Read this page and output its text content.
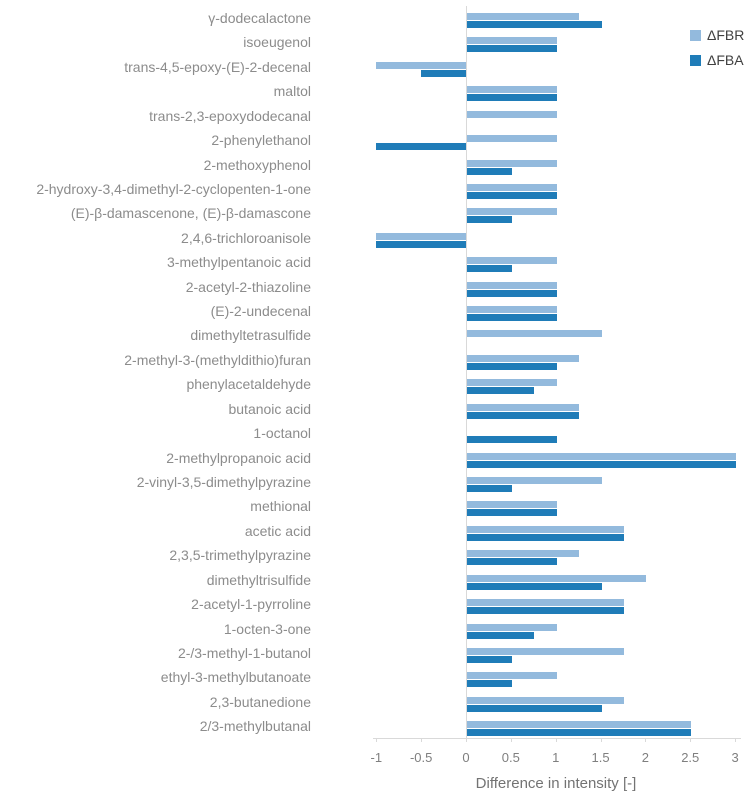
γ-dodecalactone
isoeugenol
trans-4,5-epoxy-(E)-2-decenal
maltol
trans-2,3-epoxydodecanal
2-phenylethanol
2-methoxyphenol
2-hydroxy-3,4-dimethyl-2-cyclopenten-1-one
(E)-β-damascenone, (E)-β-damascone
2,4,6-trichloroanisole
3-methylpentanoic acid
2-acetyl-2-thiazoline
(E)-2-undecenal
dimethyltetrasulfide
2-methyl-3-(methyldithio)furan
phenylacetaldehyde
butanoic acid
1-octanol
2-methylpropanoic acid
2-vinyl-3,5-dimethylpyrazine
methional
acetic acid
2,3,5-trimethylpyrazine
dimethyltrisulfide
2-acetyl-1-pyrroline
1-octen-3-one
2-/3-methyl-1-butanol
ethyl-3-methylbutanoate
2,3-butanedione
2/3-methylbutanal
-1	-0.5	0	0.5	1	1.5	2	2.5	3
Difference in intensity [-]
ΔFBR
ΔFBA
